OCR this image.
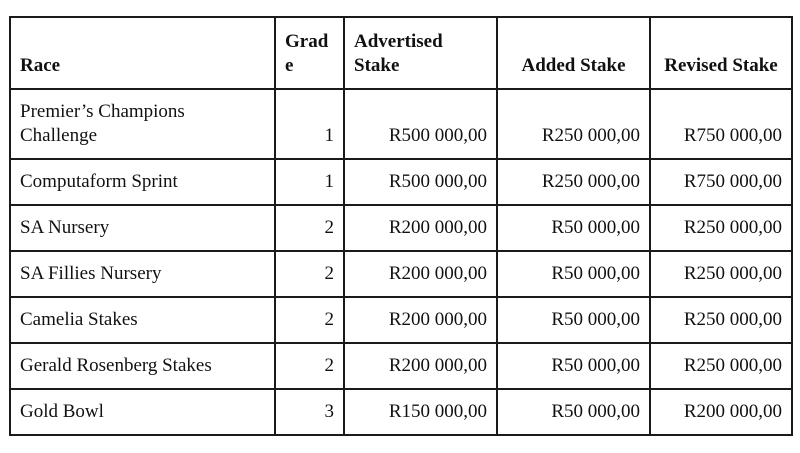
Race	Grade	Advertised Stake	Added Stake	Revised Stake
Premier’s Champions Challenge	1	R500 000,00	R250 000,00	R750 000,00
Computaform Sprint	1	R500 000,00	R250 000,00	R750 000,00
SA Nursery	2	R200 000,00	R50 000,00	R250 000,00
SA Fillies Nursery	2	R200 000,00	R50 000,00	R250 000,00
Camelia Stakes	2	R200 000,00	R50 000,00	R250 000,00
Gerald Rosenberg Stakes	2	R200 000,00	R50 000,00	R250 000,00
Gold Bowl	3	R150 000,00	R50 000,00	R200 000,00
